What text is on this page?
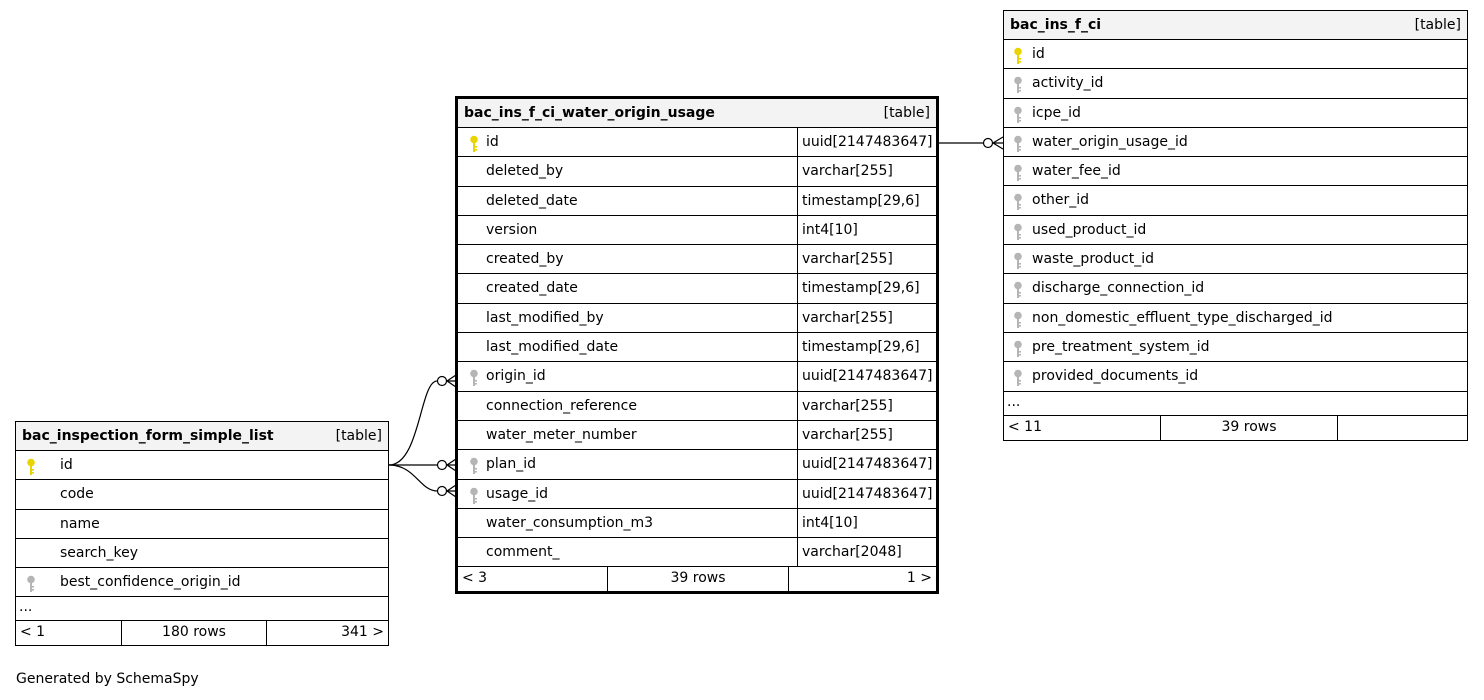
bac_ins_f_ci_water_origin_usage	[table]
id	uuid[2147483647]
deleted_by	varchar[255]
deleted_date	timestamp[29,6]
version	int4[10]
created_by	varchar[255]
created_date	timestamp[29,6]
last_modified_by	varchar[255]
last_modified_date	timestamp[29,6]
origin_id	uuid[2147483647]
connection_reference	varchar[255]
water_meter_number	varchar[255]
plan_id	uuid[2147483647]
usage_id	uuid[2147483647]
water_consumption_m3	int4[10]
comment_	varchar[2048]
< 3	39 rows	1 >
bac_ins_f_ci	[table]
id
activity_id
icpe_id
water_origin_usage_id
water_fee_id
other_id
used_product_id
waste_product_id
discharge_connection_id
non_domestic_effluent_type_discharged_id
pre_treatment_system_id
provided_documents_id
...
< 11	39 rows
bac_inspection_form_simple_list	[table]
id
code
name
search_key
best_confidence_origin_id
...
< 1	180 rows	341 >
Generated by SchemaSpy
